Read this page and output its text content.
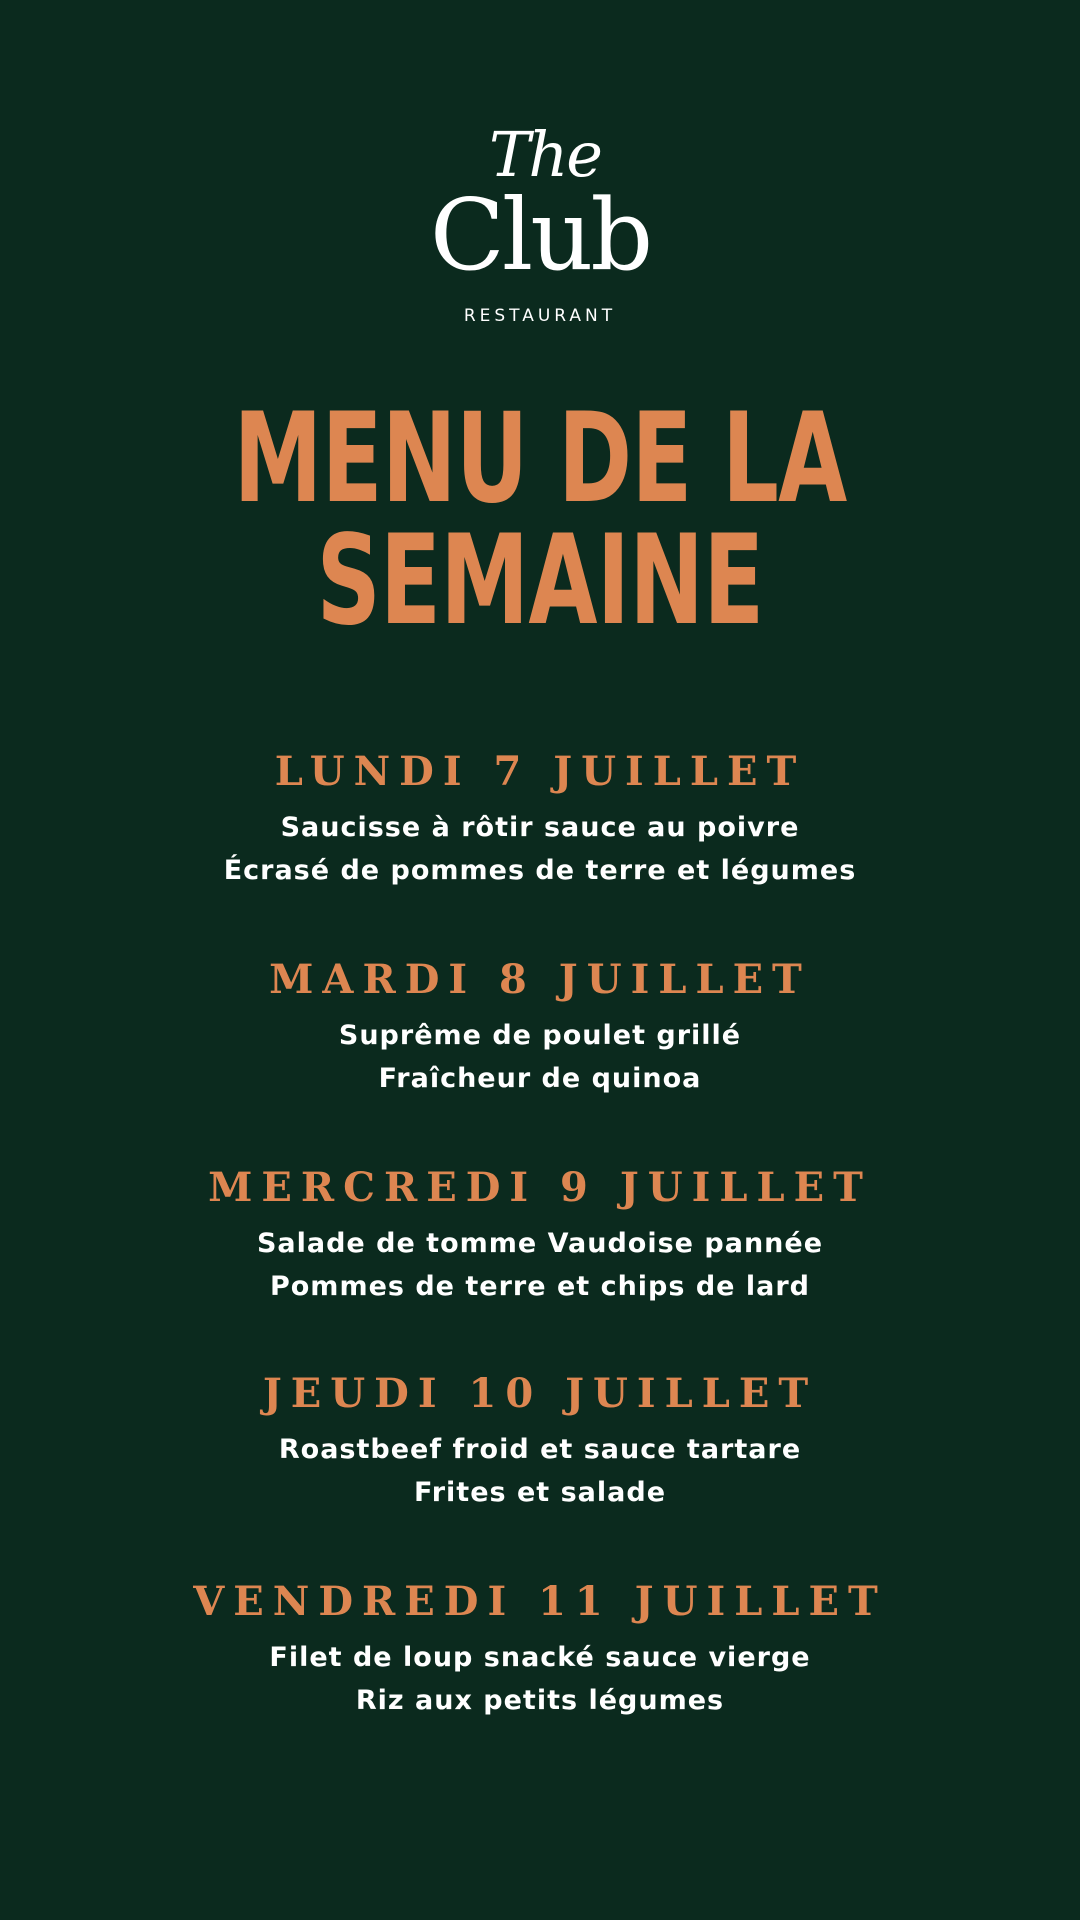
The
Club
RESTAURANT
MENU DE LA
SEMAINE
LUNDI 7 JUILLET
Saucisse à rôtir sauce au poivre
Écrasé de pommes de terre et légumes
MARDI 8 JUILLET
Suprême de poulet grillé
Fraîcheur de quinoa
MERCREDI 9 JUILLET
Salade de tomme Vaudoise pannée
Pommes de terre et chips de lard
JEUDI 10 JUILLET
Roastbeef froid et sauce tartare
Frites et salade
VENDREDI 11 JUILLET
Filet de loup snacké sauce vierge
Riz aux petits légumes
